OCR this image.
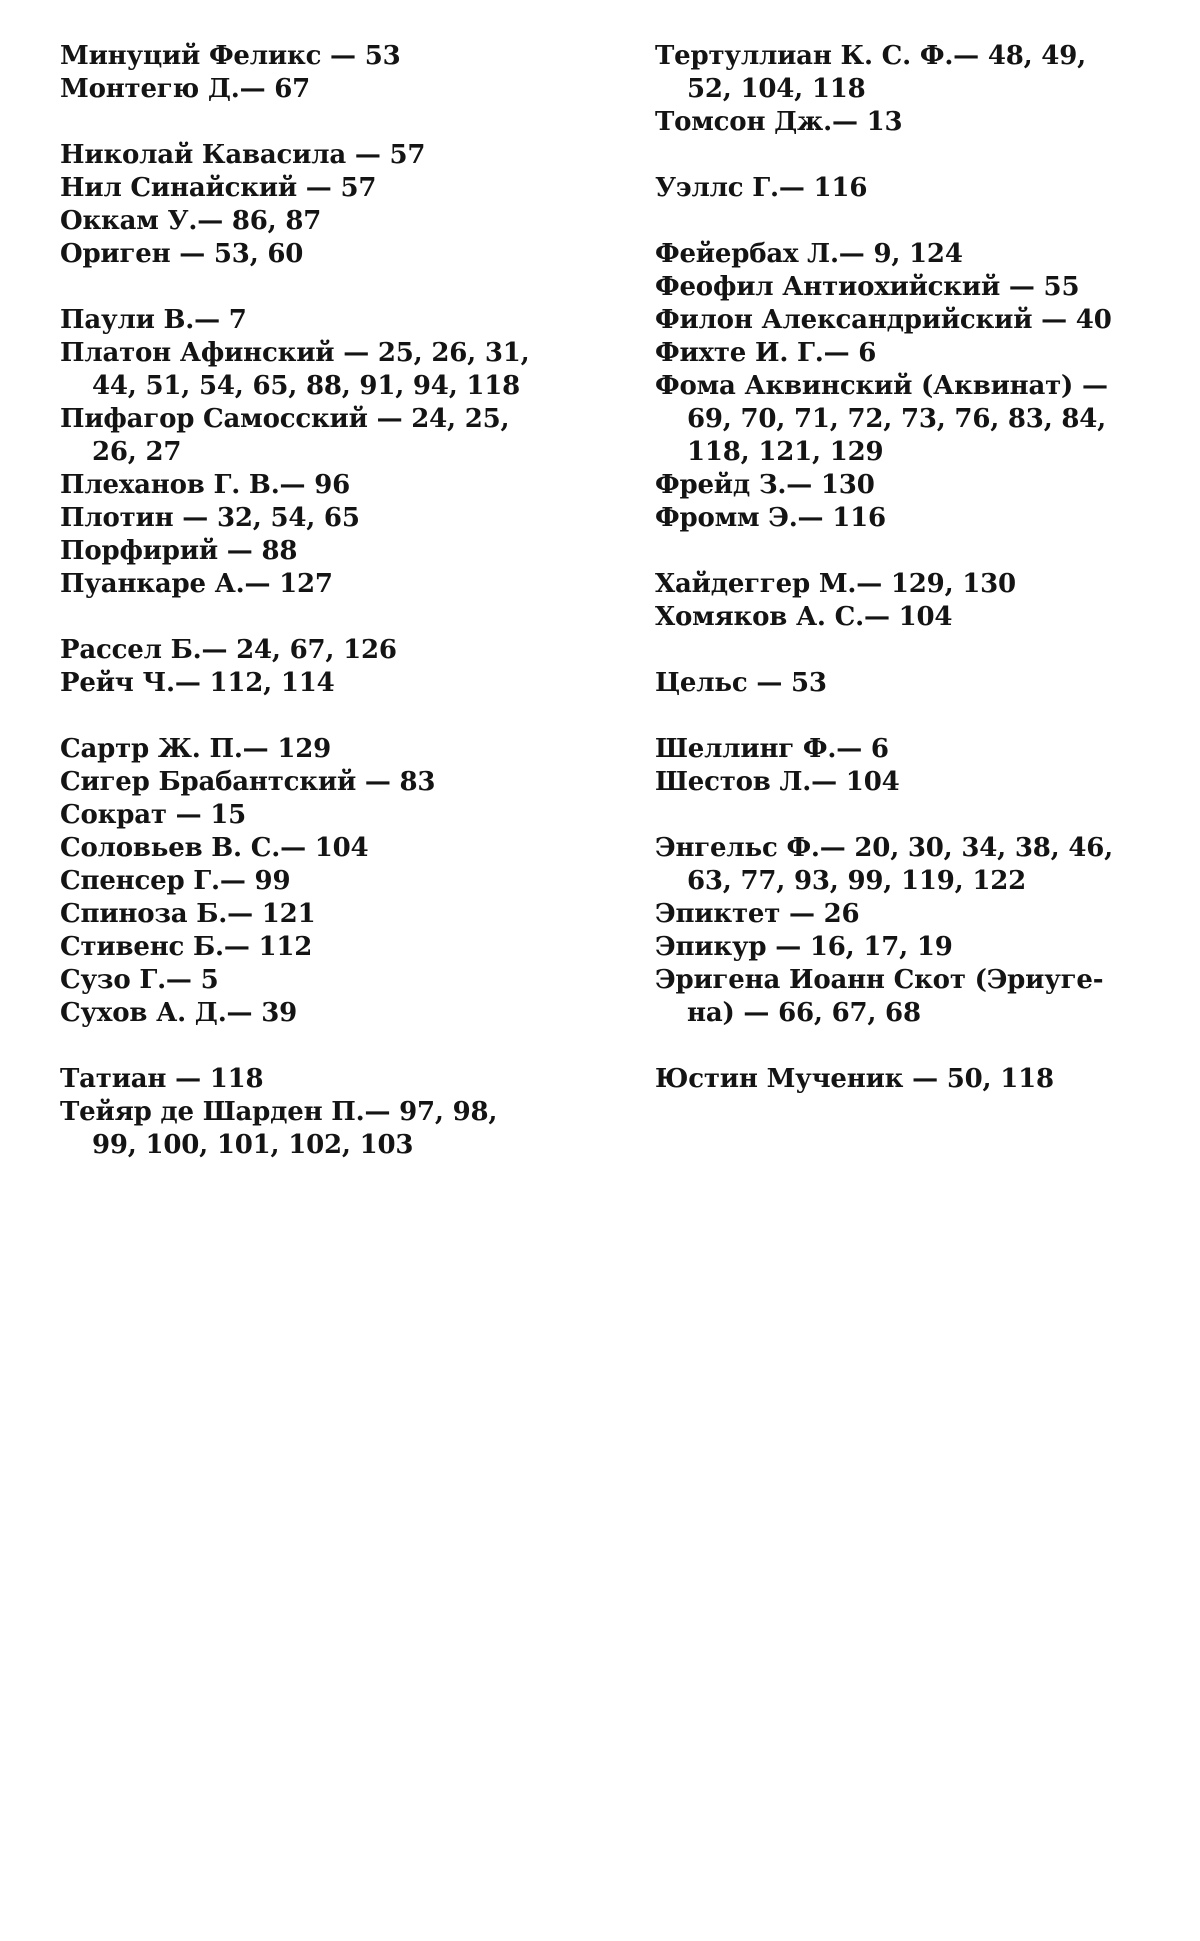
Минуций Феликс — 53
Монтегю Д.— 67
Николай Кавасила — 57
Нил Синайский — 57
Оккам У.— 86, 87
Ориген — 53, 60
Паули В.— 7
Платон Афинский — 25, 26, 31,
44, 51, 54, 65, 88, 91, 94, 118
Пифагор Самосский — 24, 25,
26, 27
Плеханов Г. В.— 96
Плотин — 32, 54, 65
Порфирий — 88
Пуанкаре А.— 127
Рассел Б.— 24, 67, 126
Рейч Ч.— 112, 114
Сартр Ж. П.— 129
Сигер Брабантский — 83
Сократ — 15
Соловьев В. С.— 104
Спенсер Г.— 99
Спиноза Б.— 121
Стивенс Б.— 112
Сузо Г.— 5
Сухов А. Д.— 39
Татиан — 118
Тейяр де Шарден П.— 97, 98,
99, 100, 101, 102, 103
Тертуллиан К. С. Ф.— 48, 49,
52, 104, 118
Томсон Дж.— 13
Уэллс Г.— 116
Фейербах Л.— 9, 124
Феофил Антиохийский — 55
Филон Александрийский — 40
Фихте И. Г.— 6
Фома Аквинский (Аквинат) —
69, 70, 71, 72, 73, 76, 83, 84,
118, 121, 129
Фрейд З.— 130
Фромм Э.— 116
Хайдеггер М.— 129, 130
Хомяков А. С.— 104
Цельс — 53
Шеллинг Ф.— 6
Шестов Л.— 104
Энгельс Ф.— 20, 30, 34, 38, 46,
63, 77, 93, 99, 119, 122
Эпиктет — 26
Эпикур — 16, 17, 19
Эригена Иоанн Скот (Эриуге-
на) — 66, 67, 68
Юстин Мученик — 50, 118
